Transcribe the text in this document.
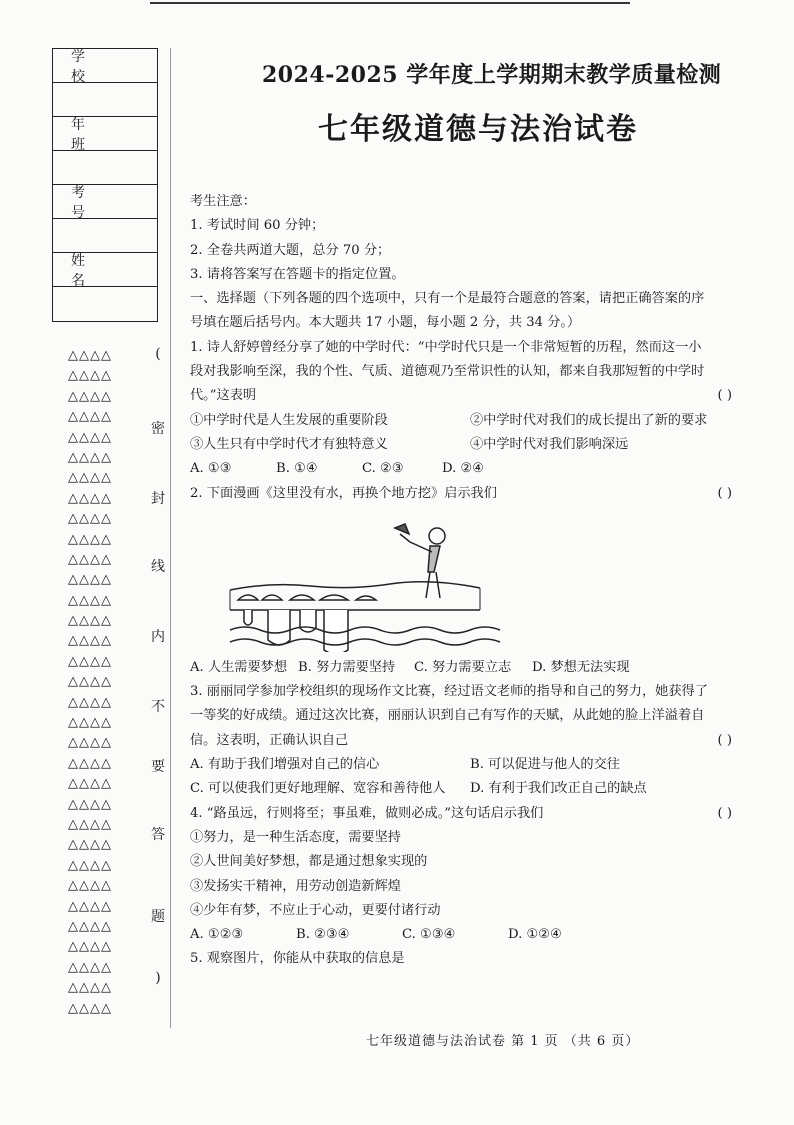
学 校
年 班
考 号
姓 名
△△△△
△△△△
△△△△
△△△△
△△△△
△△△△
△△△△
△△△△
△△△△
△△△△
△△△△
△△△△
△△△△
△△△△
△△△△
△△△△
△△△△
△△△△
△△△△
△△△△
△△△△
△△△△
△△△△
△△△△
△△△△
△△△△
△△△△
△△△△
△△△△
△△△△
△△△△
△△△△
△△△△
(
密
封
线
内
不
要
答
题
)
2024-2025 学年度上学期期末教学质量检测
七年级道德与法治试卷

考生注意：

1. 考试时间 60 分钟；

2. 全卷共两道大题，总分 70 分；

3. 请将答案写在答题卡的指定位置。

一、选择题（下列各题的四个选项中，只有一个是最符合题意的答案，请把正确答案的序

号填在题后括号内。本大题共 17 小题，每小题 2 分，共 34 分。）

1. 诗人舒婷曾经分享了她的中学时代：“中学时代只是一个非常短暂的历程，然而这一小

段对我影响至深，我的个性、气质、道德观乃至常识性的认知，都来自我那短暂的中学时

代。”这表明	( )

①中学时代是人生发展的重要阶段	②中学时代对我们的成长提出了新的要求

③人生只有中学时代才有独特意义	④中学时代对我们影响深远

A. ①③	B. ①④	C. ②③	D. ②④

2. 下面漫画《这里没有水，再换个地方挖》启示我们	( )

A. 人生需要梦想 B. 努力需要坚持	C. 努力需要立志	D. 梦想无法实现

3. 丽丽同学参加学校组织的现场作文比赛，经过语文老师的指导和自己的努力，她获得了

一等奖的好成绩。通过这次比赛，丽丽认识到自己有写作的天赋，从此她的脸上洋溢着自

信。这表明，正确认识自己	( )

A. 有助于我们增强对自己的信心	B. 可以促进与他人的交往

C. 可以使我们更好地理解、宽容和善待他人	D. 有利于我们改正自己的缺点

4. “路虽远，行则将至；事虽难，做则必成。”这句话启示我们	( )

①努力，是一种生活态度，需要坚持

②人世间美好梦想，都是通过想象实现的

③发扬实干精神，用劳动创造新辉煌

④少年有梦，不应止于心动，更要付诸行动

A. ①②③	B. ②③④	C. ①③④	D. ①②④

5. 观察图片，你能从中获取的信息是

七年级道德与法治试卷 第 1 页 （共 6 页）
